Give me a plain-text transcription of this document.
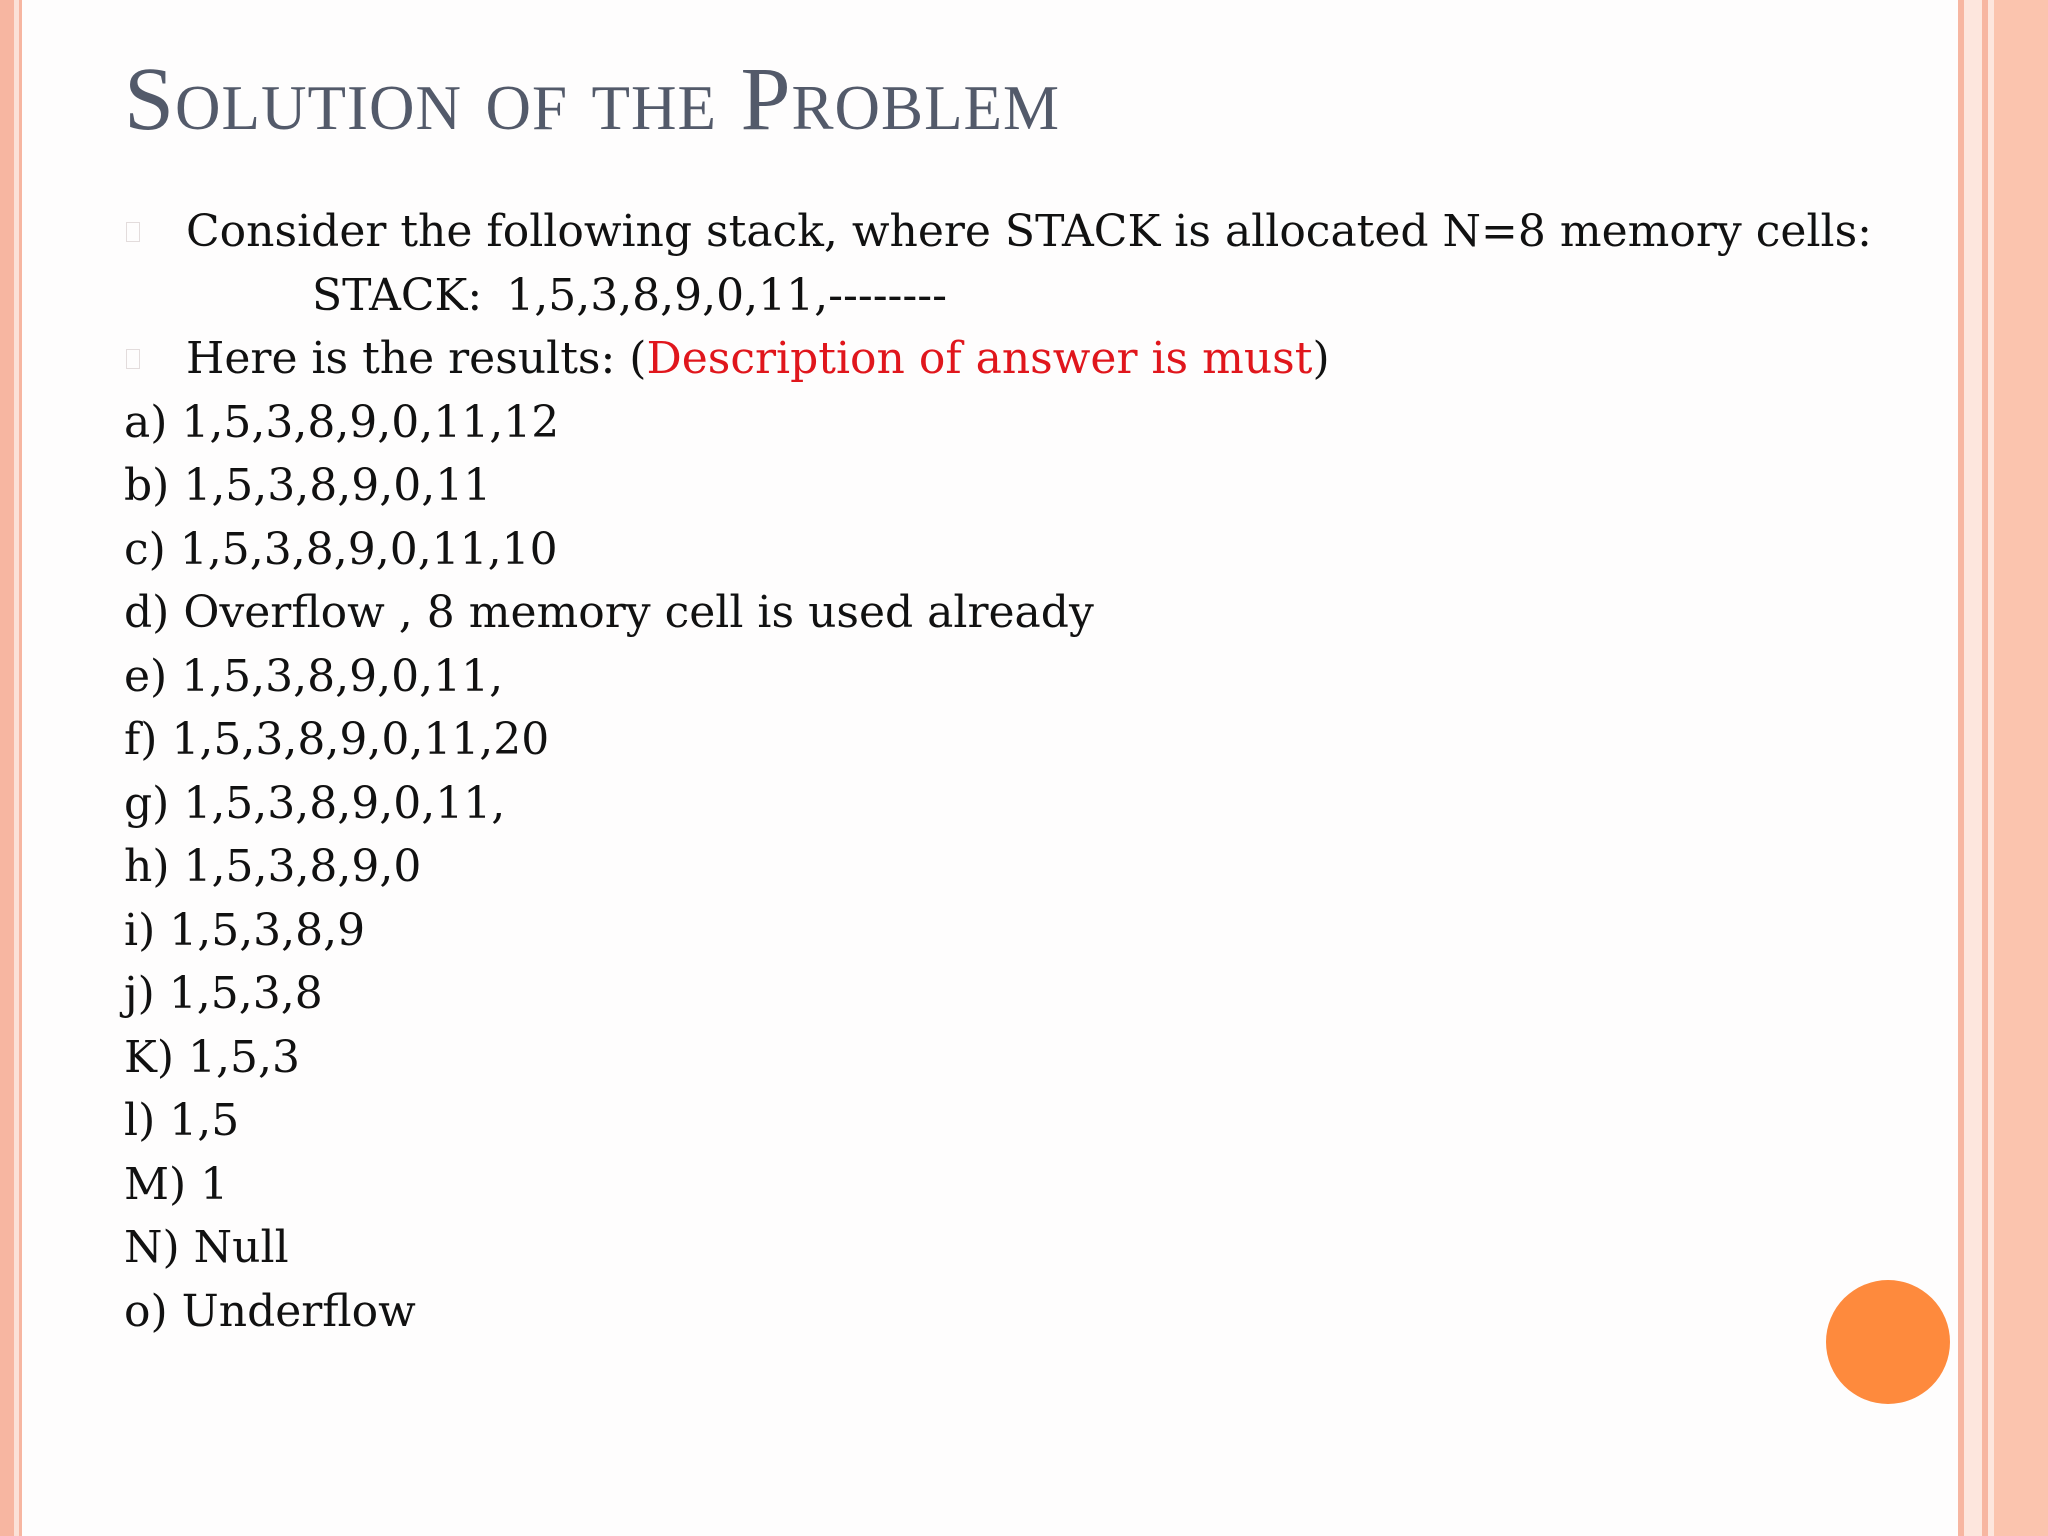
Solution of the Problem
Consider the following stack, where STACK is allocated N=8 memory cells:
STACK: 1,5,3,8,9,0,11,--------
Here is the results: (Description of answer is must)
a) 1,5,3,8,9,0,11,12
b) 1,5,3,8,9,0,11
c) 1,5,3,8,9,0,11,10
d) Overflow , 8 memory cell is used already
e) 1,5,3,8,9,0,11,
f) 1,5,3,8,9,0,11,20
g) 1,5,3,8,9,0,11,
h) 1,5,3,8,9,0
i) 1,5,3,8,9
j) 1,5,3,8
K) 1,5,3
l) 1,5
M) 1
N) Null
o) Underflow
